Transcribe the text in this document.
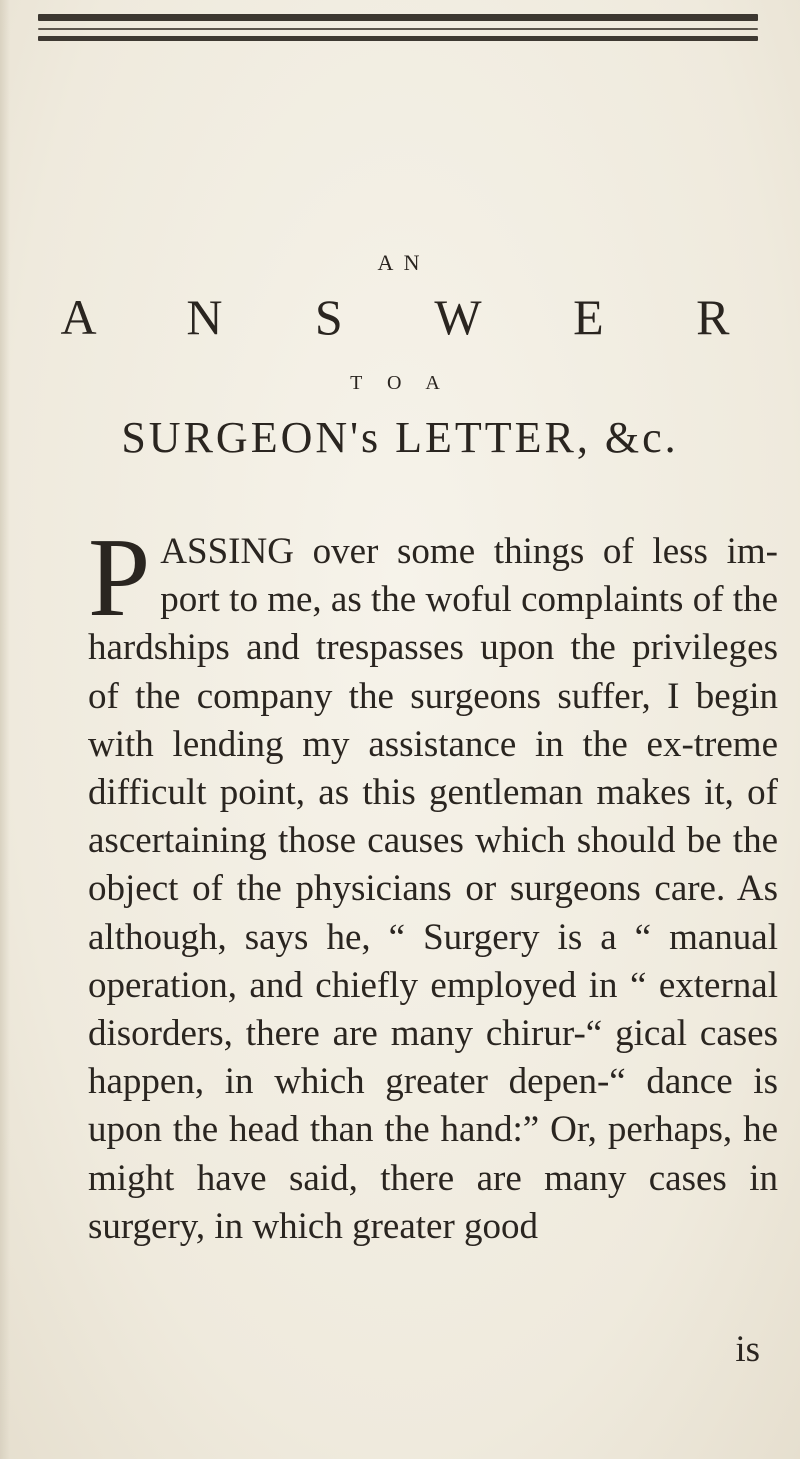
A N
A N S W E R
T O A
SURGEON's LETTER, &c.

PASSING over some things of less im-port to me, as the woful complaints of the hardships and trespasses upon the privileges of the company the surgeons suffer, I begin with lending my assistance in the ex-treme difficult point, as this gentleman makes it, of ascertaining those causes which should be the object of the physicians or surgeons care. As although, says he, “ Surgery is a “ manual operation, and chiefly employed in “ external disorders, there are many chirur-“ gical cases happen, in which greater depen-“ dance is upon the head than the hand:” Or, perhaps, he might have said, there are many cases in surgery, in which greater good

is
